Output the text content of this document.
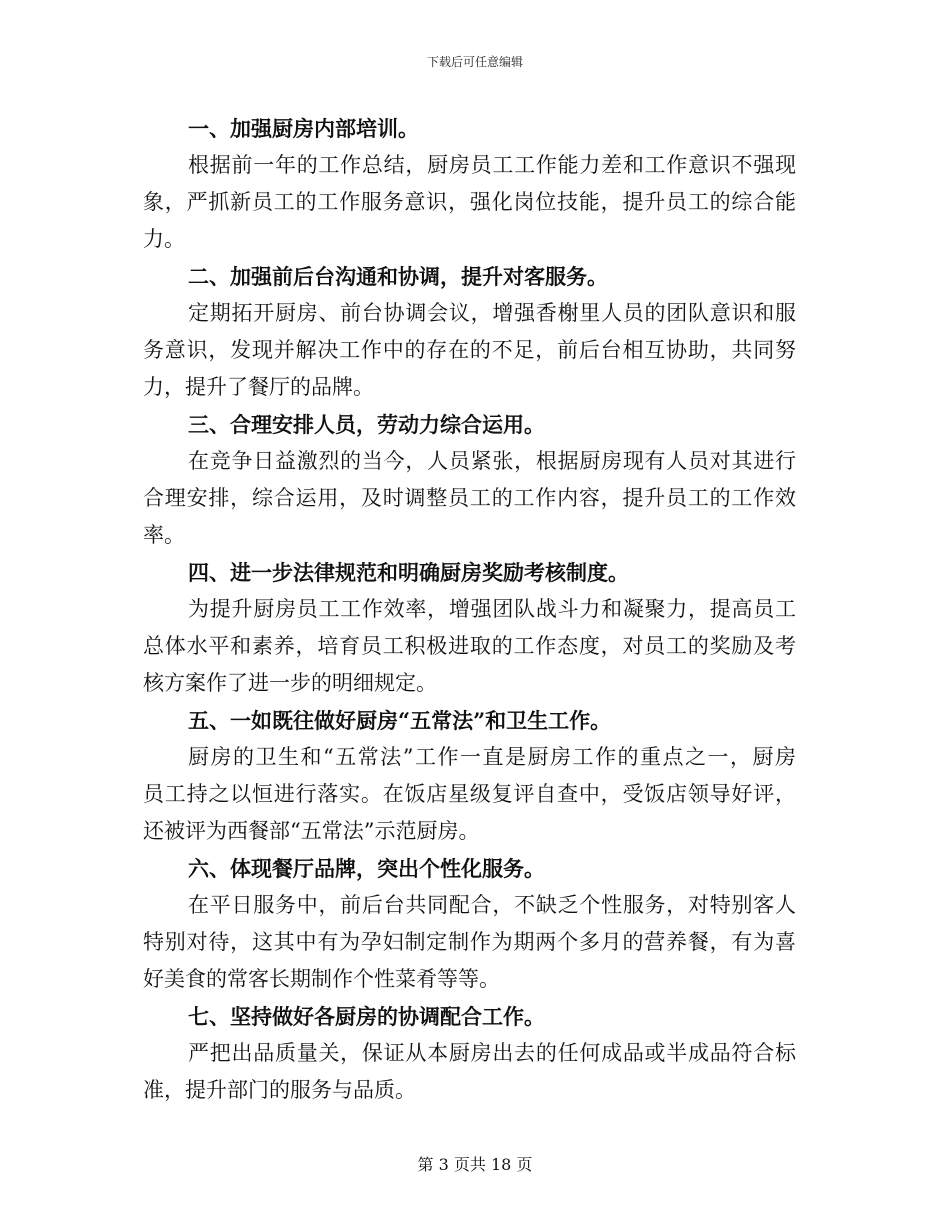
下载后可任意编辑
一、加强厨房内部培训。
根据前一年的工作总结，厨房员工工作能力差和工作意识不强现
象，严抓新员工的工作服务意识，强化岗位技能，提升员工的综合能
力。
二、加强前后台沟通和协调，提升对客服务。
定期拓开厨房、前台协调会议，增强香榭里人员的团队意识和服
务意识，发现并解决工作中的存在的不足，前后台相互协助，共同努
力，提升了餐厅的品牌。
三、合理安排人员，劳动力综合运用。
在竞争日益激烈的当今，人员紧张，根据厨房现有人员对其进行
合理安排，综合运用，及时调整员工的工作内容，提升员工的工作效
率。
四、进一步法律规范和明确厨房奖励考核制度。
为提升厨房员工工作效率，增强团队战斗力和凝聚力，提高员工
总体水平和素养，培育员工积极进取的工作态度，对员工的奖励及考
核方案作了进一步的明细规定。
五、一如既往做好厨房“五常法”和卫生工作。
厨房的卫生和“五常法”工作一直是厨房工作的重点之一，厨房
员工持之以恒进行落实。在饭店星级复评自查中，受饭店领导好评，
还被评为西餐部“五常法”示范厨房。
六、体现餐厅品牌，突出个性化服务。
在平日服务中，前后台共同配合，不缺乏个性服务，对特别客人
特别对待，这其中有为孕妇制定制作为期两个多月的营养餐，有为喜
好美食的常客长期制作个性菜肴等等。
七、坚持做好各厨房的协调配合工作。
严把出品质量关，保证从本厨房出去的任何成品或半成品符合标
准，提升部门的服务与品质。
第 3 页共 18 页
